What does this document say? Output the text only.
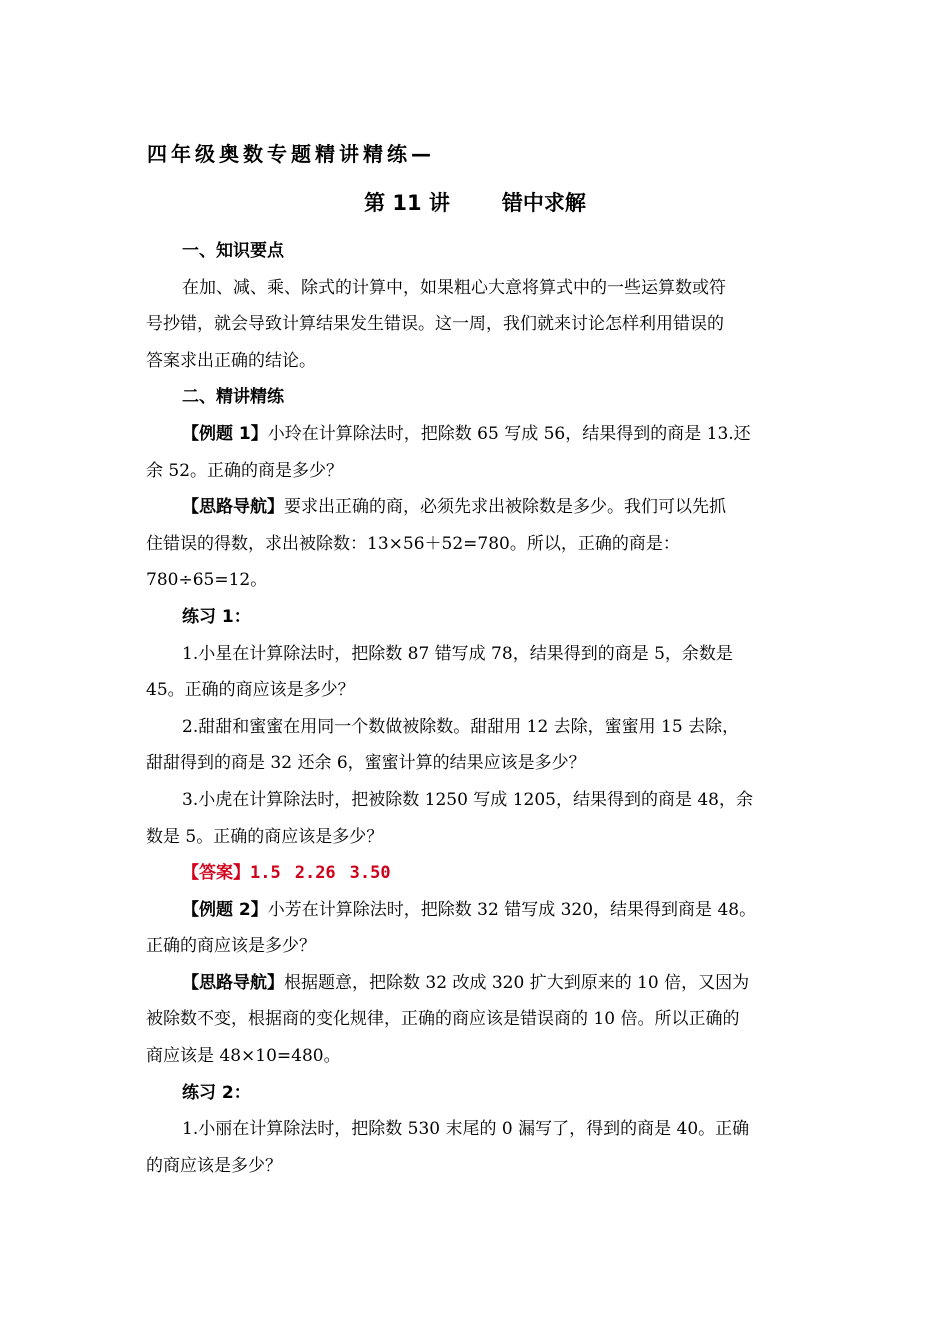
四年级奥数专题精讲精练—
第 11 讲 错中求解
一、知识要点
在加、减、乘、除式的计算中，如果粗心大意将算式中的一些运算数或符
号抄错，就会导致计算结果发生错误。这一周，我们就来讨论怎样利用错误的
答案求出正确的结论。
二、精讲精练
【例题 1】小玲在计算除法时，把除数 65 写成 56，结果得到的商是 13.还
余 52。正确的商是多少？
【思路导航】要求出正确的商，必须先求出被除数是多少。我们可以先抓
住错误的得数，求出被除数：13×56＋52=780。所以，正确的商是：
780÷65=12。
练习 1：
1.小星在计算除法时，把除数 87 错写成 78，结果得到的商是 5，余数是
45。正确的商应该是多少？
2.甜甜和蜜蜜在用同一个数做被除数。甜甜用 12 去除，蜜蜜用 15 去除，
甜甜得到的商是 32 还余 6，蜜蜜计算的结果应该是多少？
3.小虎在计算除法时，把被除数 1250 写成 1205，结果得到的商是 48，余
数是 5。正确的商应该是多少？
【答案】1.5 2.26 3.50
【例题 2】小芳在计算除法时，把除数 32 错写成 320，结果得到商是 48。
正确的商应该是多少？
【思路导航】根据题意，把除数 32 改成 320 扩大到原来的 10 倍，又因为
被除数不变，根据商的变化规律，正确的商应该是错误商的 10 倍。所以正确的
商应该是 48×10=480。
练习 2：
1.小丽在计算除法时，把除数 530 末尾的 0 漏写了，得到的商是 40。正确
的商应该是多少？
